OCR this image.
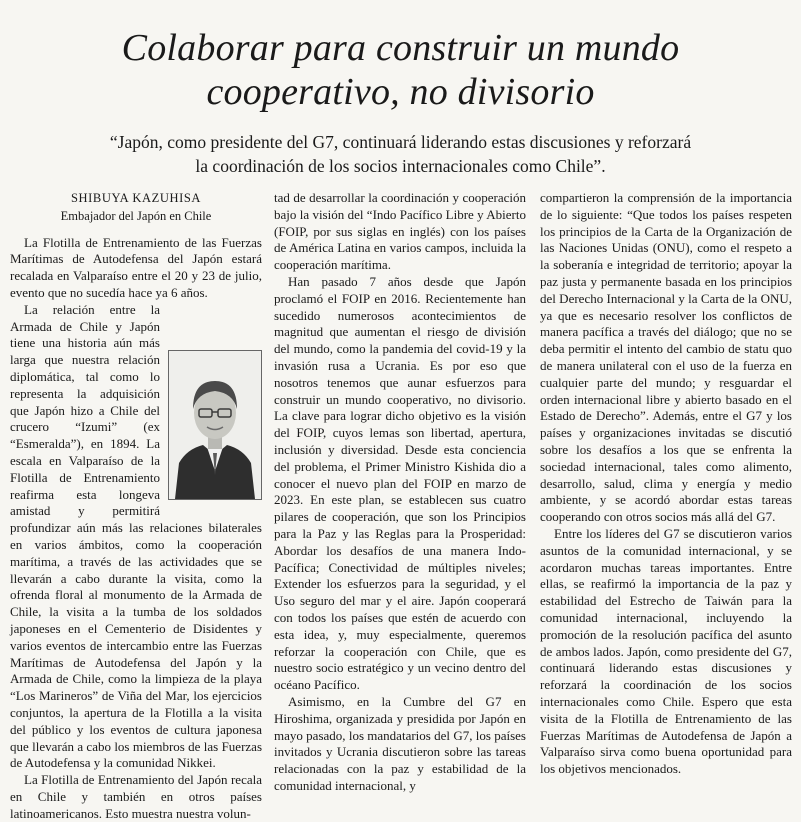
Colaborar para construir un mundo
cooperativo, no divisorio
“Japón, como presidente del G7, continuará liderando estas discusiones y reforzará
la coordinación de los socios internacionales como Chile”.
SHIBUYA KAZUHISA
Embajador del Japón en Chile

La Flotilla de Entrenamiento de las Fuerzas Marítimas de Autodefensa del Japón estará recalada en Valparaíso entre el 20 y 23 de julio, evento que no sucedía hace ya 6 años.

La relación entre la Armada de Chile y Japón tiene una historia aún más larga que nuestra relación diplomática, tal como lo representa la adquisición que Japón hizo a Chile del crucero “Izumi” (ex “Esmeralda”), en 1894. La escala en Valparaíso de la Flotilla de Entrenamiento reafirma esta longeva amistad y permitirá profundizar aún más las relaciones bilaterales en varios ámbitos, como la cooperación marítima, a través de las actividades que se llevarán a cabo durante la visita, como la ofrenda floral al monumento de la Armada de Chile, la visita a la tumba de los soldados japoneses en el Cementerio de Disidentes y varios eventos de intercambio entre las Fuerzas Marítimas de Autodefensa del Japón y la Armada de Chile, como la limpieza de la playa “Los Marineros” de Viña del Mar, los ejercicios conjuntos, la apertura de la Flotilla a la visita del público y los eventos de cultura japonesa que llevarán a cabo los miembros de las Fuerzas de Autodefensa y la comunidad Nikkei.

La Flotilla de Entrenamiento del Japón recala en Chile y también en otros países latinoamericanos. Esto muestra nuestra volun-

tad de desarrollar la coordinación y cooperación bajo la visión del “Indo Pacífico Libre y Abierto (FOIP, por sus siglas en inglés) con los países de América Latina en varios campos, incluida la cooperación marítima.

Han pasado 7 años desde que Japón proclamó el FOIP en 2016. Recientemente han sucedido numerosos acontecimientos de magnitud que aumentan el riesgo de división del mundo, como la pandemia del covid-19 y la invasión rusa a Ucrania. Es por eso que nosotros tenemos que aunar esfuerzos para construir un mundo cooperativo, no divisorio. La clave para lograr dicho objetivo es la visión del FOIP, cuyos lemas son libertad, apertura, inclusión y diversidad. Desde esta conciencia del problema, el Primer Ministro Kishida dio a conocer el nuevo plan del FOIP en marzo de 2023. En este plan, se establecen sus cuatro pilares de cooperación, que son los Principios para la Paz y las Reglas para la Prosperidad: Abordar los desafíos de una manera Indo-Pacífica; Conectividad de múltiples niveles; Extender los esfuerzos para la seguridad, y el Uso seguro del mar y el aire. Japón cooperará con todos los países que estén de acuerdo con esta idea, y, muy especialmente, queremos reforzar la cooperación con Chile, que es nuestro socio estratégico y un vecino dentro del océano Pacífico.

Asimismo, en la Cumbre del G7 en Hiroshima, organizada y presidida por Japón en mayo pasado, los mandatarios del G7, los países invitados y Ucrania discutieron sobre las tareas relacionadas con la paz y estabilidad de la comunidad internacional, y

compartieron la comprensión de la importancia de lo siguiente: “Que todos los países respeten los principios de la Carta de la Organización de las Naciones Unidas (ONU), como el respeto a la soberanía e integridad de territorio; apoyar la paz justa y permanente basada en los principios del Derecho Internacional y la Carta de la ONU, ya que es necesario resolver los conflictos de manera pacífica a través del diálogo; que no se deba permitir el intento del cambio de statu quo de manera unilateral con el uso de la fuerza en cualquier parte del mundo; y resguardar el orden internacional libre y abierto basado en el Estado de Derecho”. Además, entre el G7 y los países y organizaciones invitadas se discutió sobre los desafíos a los que se enfrenta la sociedad internacional, tales como alimento, desarrollo, salud, clima y energía y medio ambiente, y se acordó abordar estas tareas cooperando con otros socios más allá del G7.

Entre los líderes del G7 se discutieron varios asuntos de la comunidad internacional, y se acordaron muchas tareas importantes. Entre ellas, se reafirmó la importancia de la paz y estabilidad del Estrecho de Taiwán para la comunidad internacional, incluyendo la promoción de la resolución pacífica del asunto de ambos lados. Japón, como presidente del G7, continuará liderando estas discusiones y reforzará la coordinación de los socios internacionales como Chile. Espero que esta visita de la Flotilla de Entrenamiento de las Fuerzas Marítimas de Autodefensa de Japón a Valparaíso sirva como buena oportunidad para los objetivos mencionados.
